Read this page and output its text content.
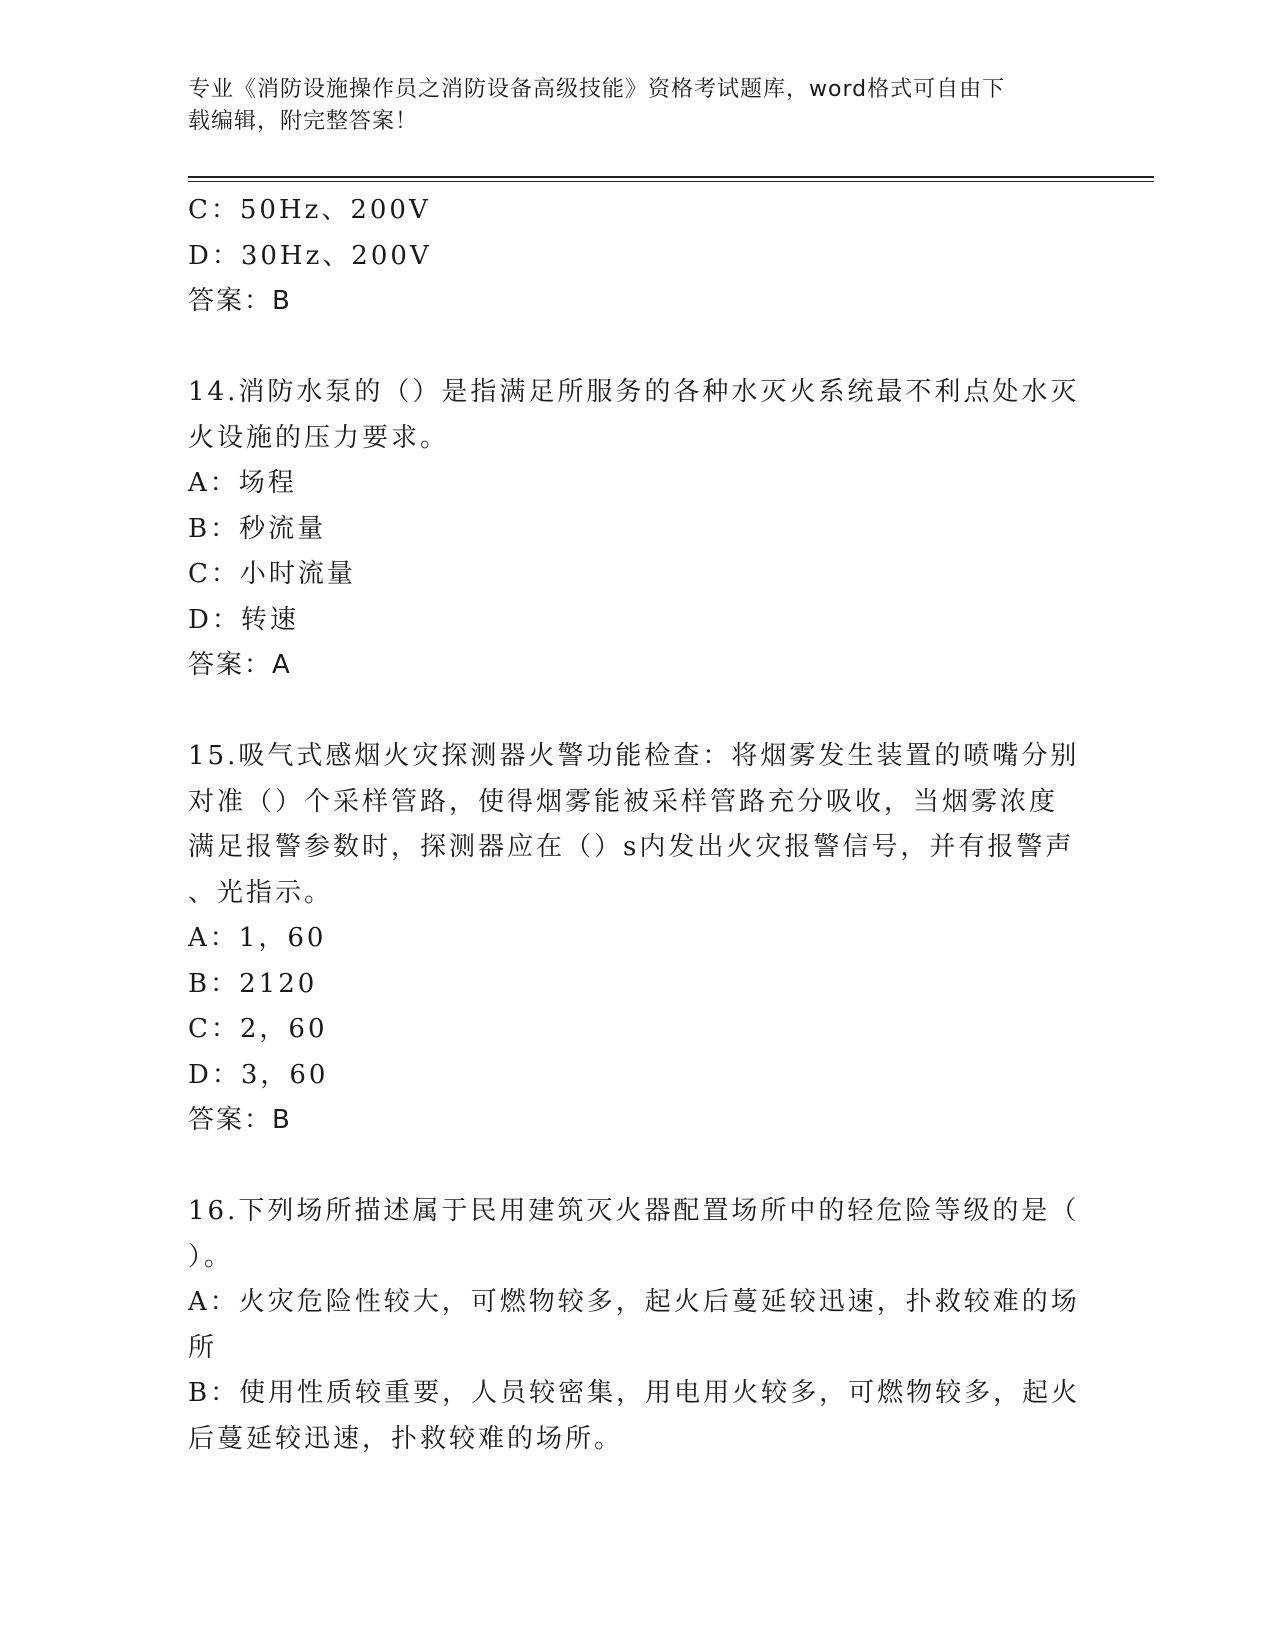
专业《消防设施操作员之消防设备高级技能》资格考试题库，word格式可自由下
载编辑，附完整答案！
C：50Hz、200V
D：30Hz、200V
答案：B
14.消防水泵的（）是指满足所服务的各种水灭火系统最不利点处水灭
火设施的压力要求。
A：场程
B：秒流量
C：小时流量
D：转速
答案：A
15.吸气式感烟火灾探测器火警功能检查：将烟雾发生装置的喷嘴分别
对准（）个采样管路，使得烟雾能被采样管路充分吸收，当烟雾浓度
满足报警参数时，探测器应在（）s内发出火灾报警信号，并有报警声
、光指示。
A：1，60
B：2120
C：2，60
D：3，60
答案：B
16.下列场所描述属于民用建筑灭火器配置场所中的轻危险等级的是（
）。
A：火灾危险性较大，可燃物较多，起火后蔓延较迅速，扑救较难的场
所
B：使用性质较重要，人员较密集，用电用火较多，可燃物较多，起火
后蔓延较迅速，扑救较难的场所。
